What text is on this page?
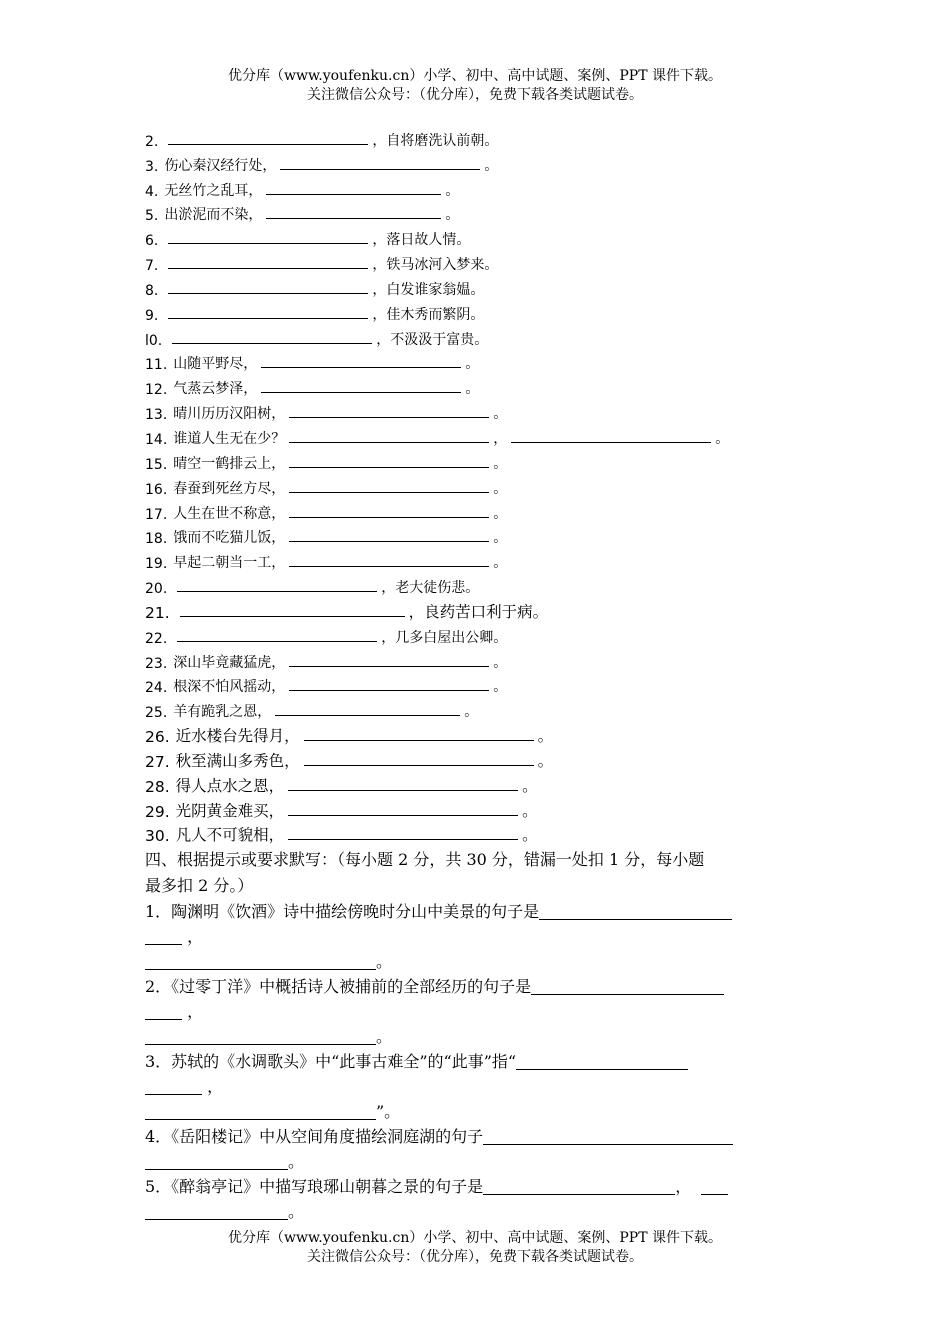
优分库（www.youfenku.cn）小学、初中、高中试题、案例、PPT 课件下载。
关注微信公众号：（优分库），免费下载各类试题试卷。
2.	，自将磨洗认前朝。
3. 伤心秦汉经行处，	。
4. 无丝竹之乱耳，	。
5. 出淤泥而不染，	。
6.	，落日故人情。
7.	，铁马冰河入梦来。
8.	，白发谁家翁媪。
9.	，佳木秀而繁阴。
l0.	，不汲汲于富贵。
11. 山随平野尽，	。
12. 气蒸云梦泽，	。
13. 晴川历历汉阳树，	。
14. 谁道人生无在少？	，	。
15. 晴空一鹤排云上，	。
16. 春蚕到死丝方尽，	。
17. 人生在世不称意，	。
18. 饿而不吃猫儿饭，	。
19. 早起二朝当一工，	。
20.	，老大徒伤悲。
21.	，良药苦口利于病。
22.	，几多白屋出公卿。
23. 深山毕竟藏猛虎，	。
24. 根深不怕风摇动，	。
25. 羊有跪乳之恩，	。
26. 近水楼台先得月，	。
27. 秋至满山多秀色，	。
28. 得人点水之恩，	。
29. 光阴黄金难买，	。
30. 凡人不可貌相，	。
四、根据提示或要求默写：（每小题 2 分，共 30 分，错漏一处扣 1 分，每小题
最多扣 2 分。）
1．陶渊明《饮酒》诗中描绘傍晚时分山中美景的句子是
，
。
2．《过零丁洋》中概括诗人被捕前的全部经历的句子是
，
。
3．苏轼的《水调歌头》中“此事古难全”的“此事”指“
，
”。
4．《岳阳楼记》中从空间角度描绘洞庭湖的句子
。
5．《醉翁亭记》中描写琅琊山朝暮之景的句子是	，
。
优分库（www.youfenku.cn）小学、初中、高中试题、案例、PPT 课件下载。
关注微信公众号：（优分库），免费下载各类试题试卷。
